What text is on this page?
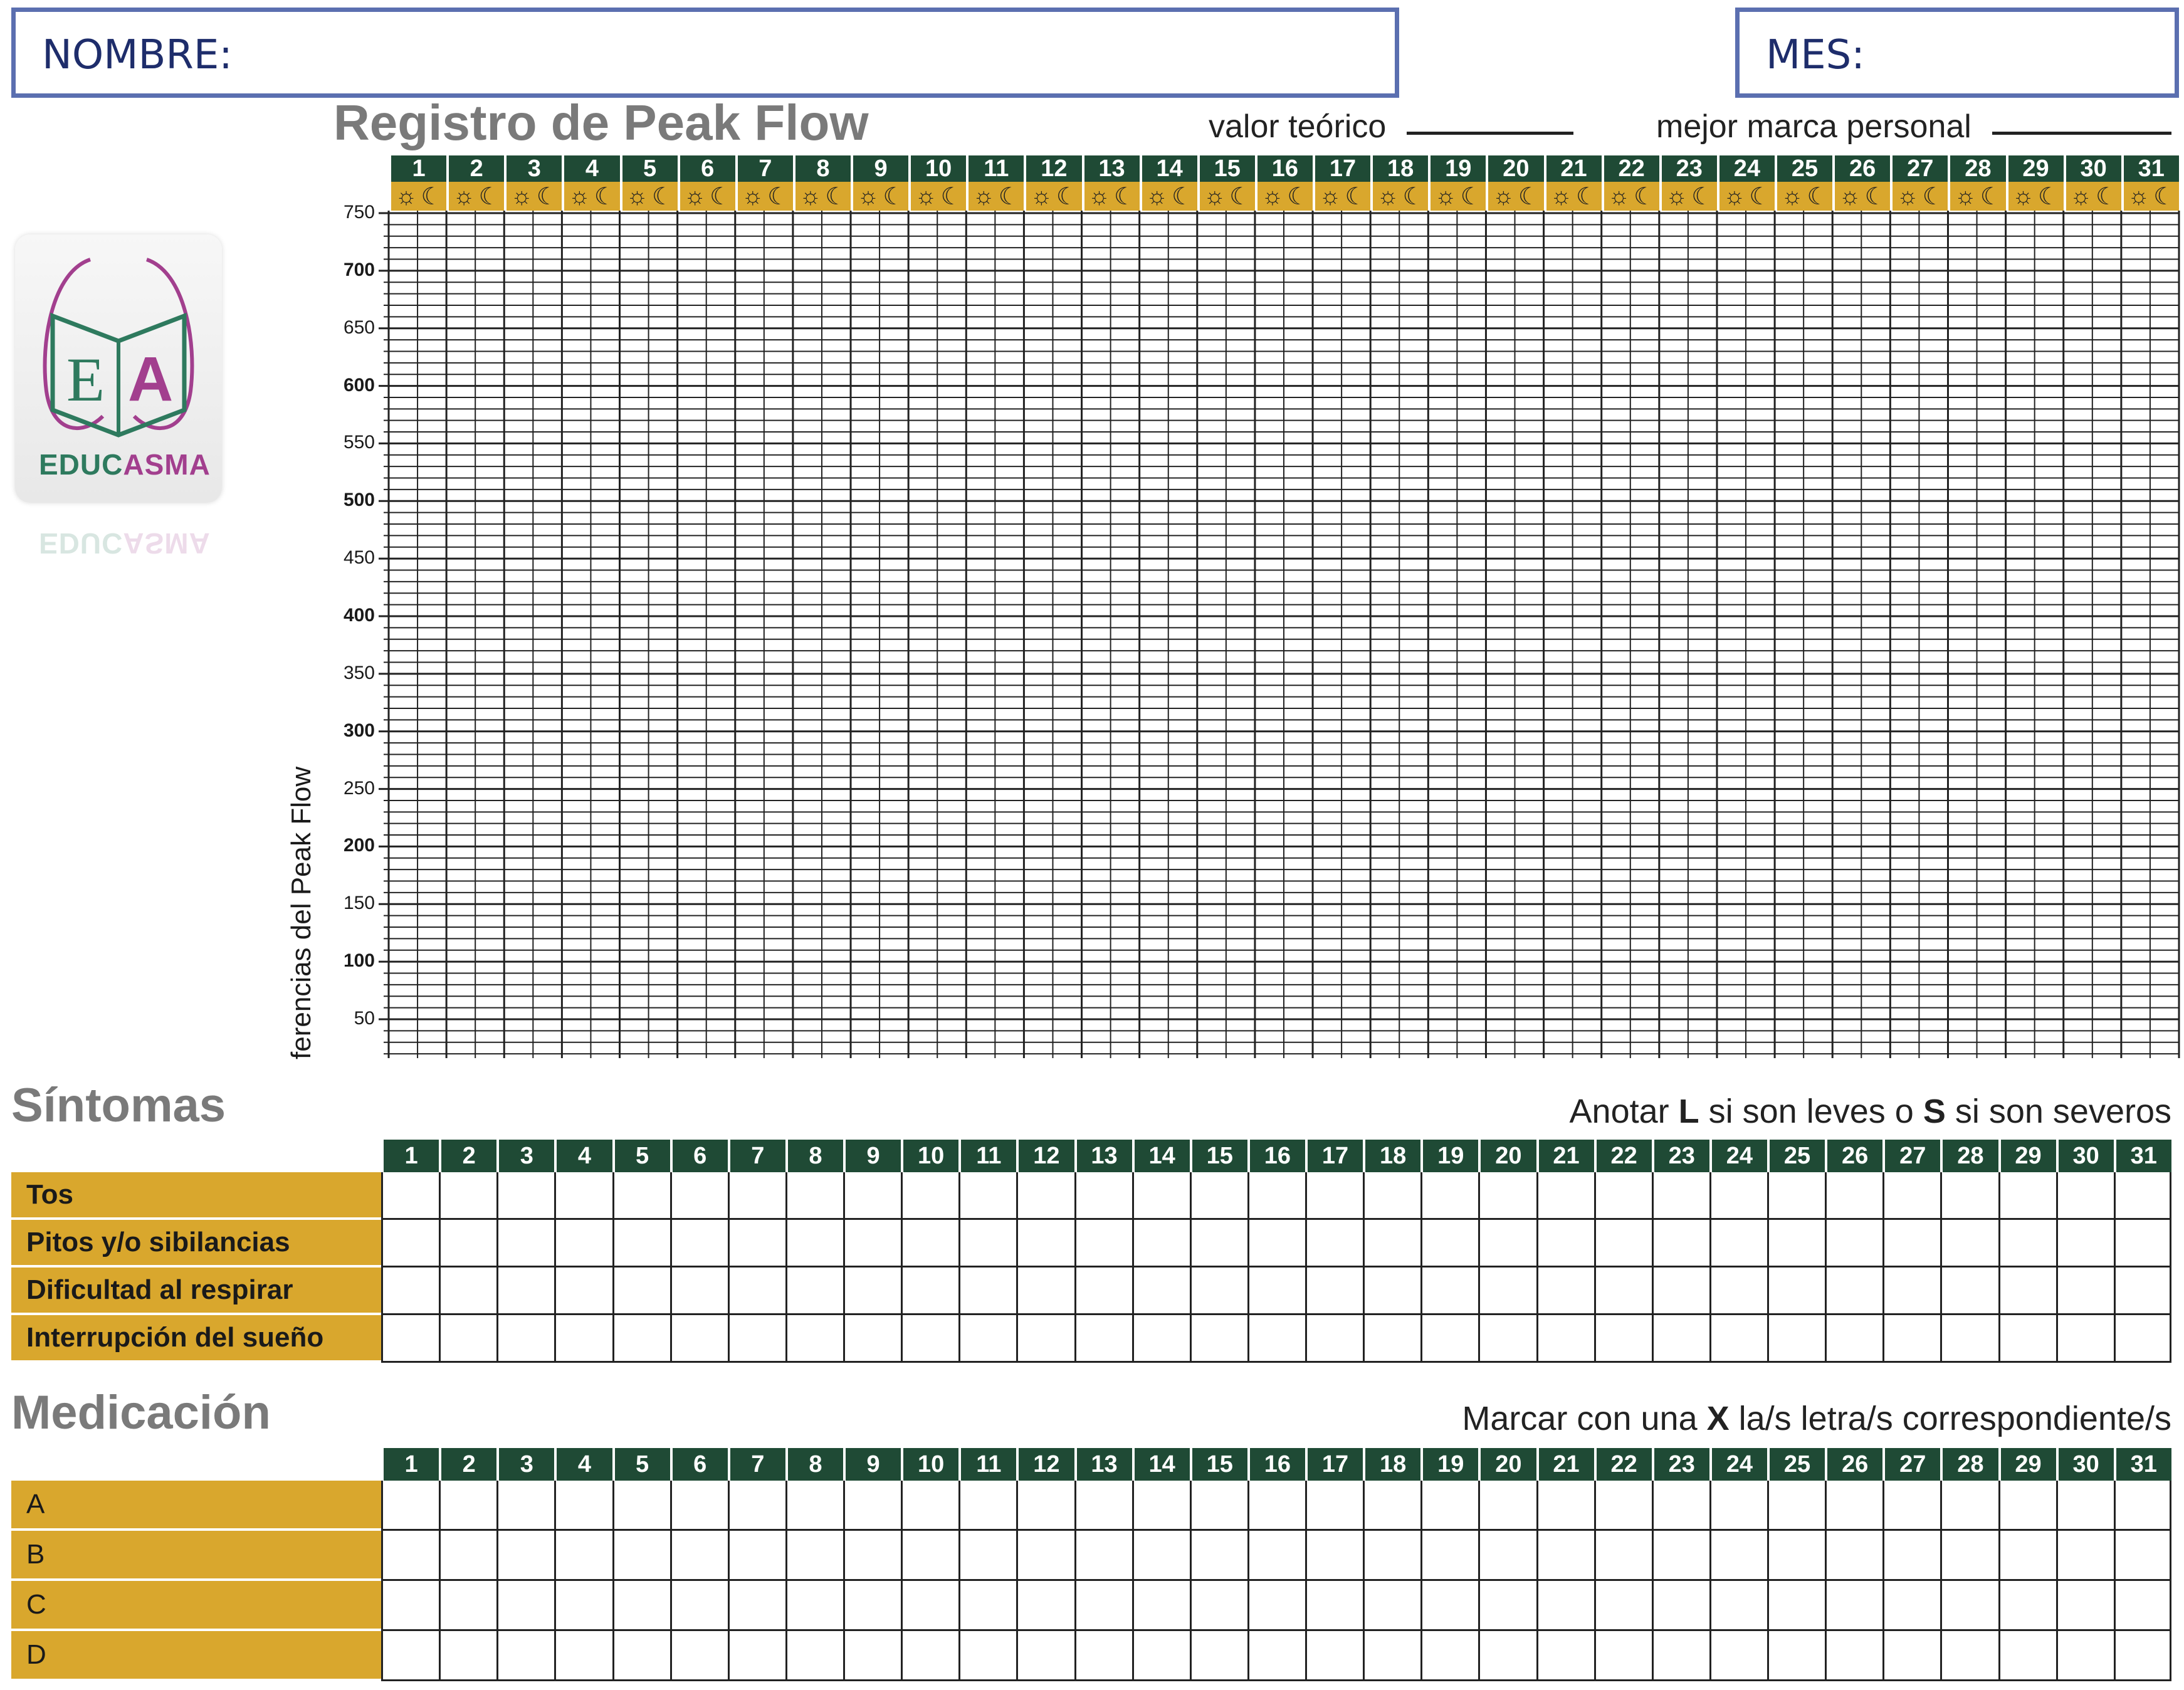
NOMBRE:	MES:
Registro de Peak Flow	valor teórico	mejor marca personal
E A
EDUCASMA
EDUCASMA
1	2	3	4	5	6	7	8	9	10	11	12	13	14	15	16	17	18	19	20	21	22	23	24	25	26	27	28	29	30	31
☼ ☾ ☼ ☾ ☼ ☾ ☼ ☾ ☼ ☾ ☼ ☾ ☼ ☾ ☼ ☾ ☼ ☾ ☼ ☾ ☼ ☾ ☼ ☾ ☼ ☾ ☼ ☾ ☼ ☾ ☼ ☾ ☼ ☾ ☼ ☾ ☼ ☾ ☼ ☾ ☼ ☾ ☼ ☾ ☼ ☾ ☼ ☾ ☼ ☾ ☼ ☾ ☼ ☾ ☼ ☾ ☼ ☾ ☼ ☾ ☼ ☾
750
700
650
600
550
500
450
400
350
300
250
200
150
100
50
ferencias del Peak Flow
Síntomas	Anotar L si son leves o S si son severos
1	2	3	4	5	6	7	8	9	10	11	12	13	14	15	16	17	18	19	20	21	22	23	24	25	26	27	28	29	30	31
Tos
Pitos y/o sibilancias
Dificultad al respirar
Interrupción del sueño
Medicación	Marcar con una X la/s letra/s correspondiente/s
1	2	3	4	5	6	7	8	9	10	11	12	13	14	15	16	17	18	19	20	21	22	23	24	25	26	27	28	29	30	31
A
B
C
D
